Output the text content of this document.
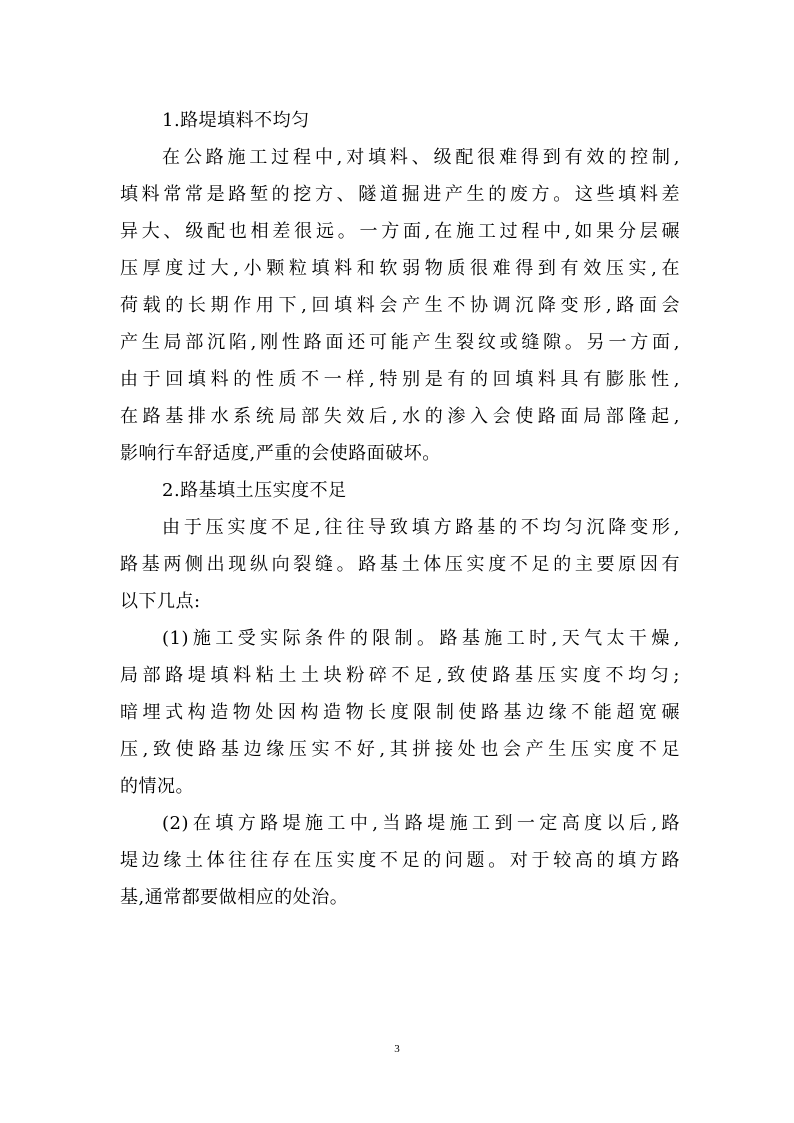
1.路堤填料不均匀
在公路施工过程中,对填料、级配很难得到有效的控制,
填料常常是路堑的挖方、隧道掘进产生的废方。这些填料差
异大、级配也相差很远。一方面,在施工过程中,如果分层碾
压厚度过大,小颗粒填料和软弱物质很难得到有效压实,在
荷载的长期作用下,回填料会产生不协调沉降变形,路面会
产生局部沉陷,刚性路面还可能产生裂纹或缝隙。另一方面,
由于回填料的性质不一样,特别是有的回填料具有膨胀性,
在路基排水系统局部失效后,水的渗入会使路面局部隆起,
影响行车舒适度,严重的会使路面破坏。
2.路基填土压实度不足
由于压实度不足,往往导致填方路基的不均匀沉降变形,
路基两侧出现纵向裂缝。路基土体压实度不足的主要原因有
以下几点:
(1)施工受实际条件的限制。路基施工时,天气太干燥,
局部路堤填料粘土土块粉碎不足,致使路基压实度不均匀;
暗埋式构造物处因构造物长度限制使路基边缘不能超宽碾
压,致使路基边缘压实不好,其拼接处也会产生压实度不足
的情况。
(2)在填方路堤施工中,当路堤施工到一定高度以后,路
堤边缘土体往往存在压实度不足的问题。对于较高的填方路
基,通常都要做相应的处治。
3
